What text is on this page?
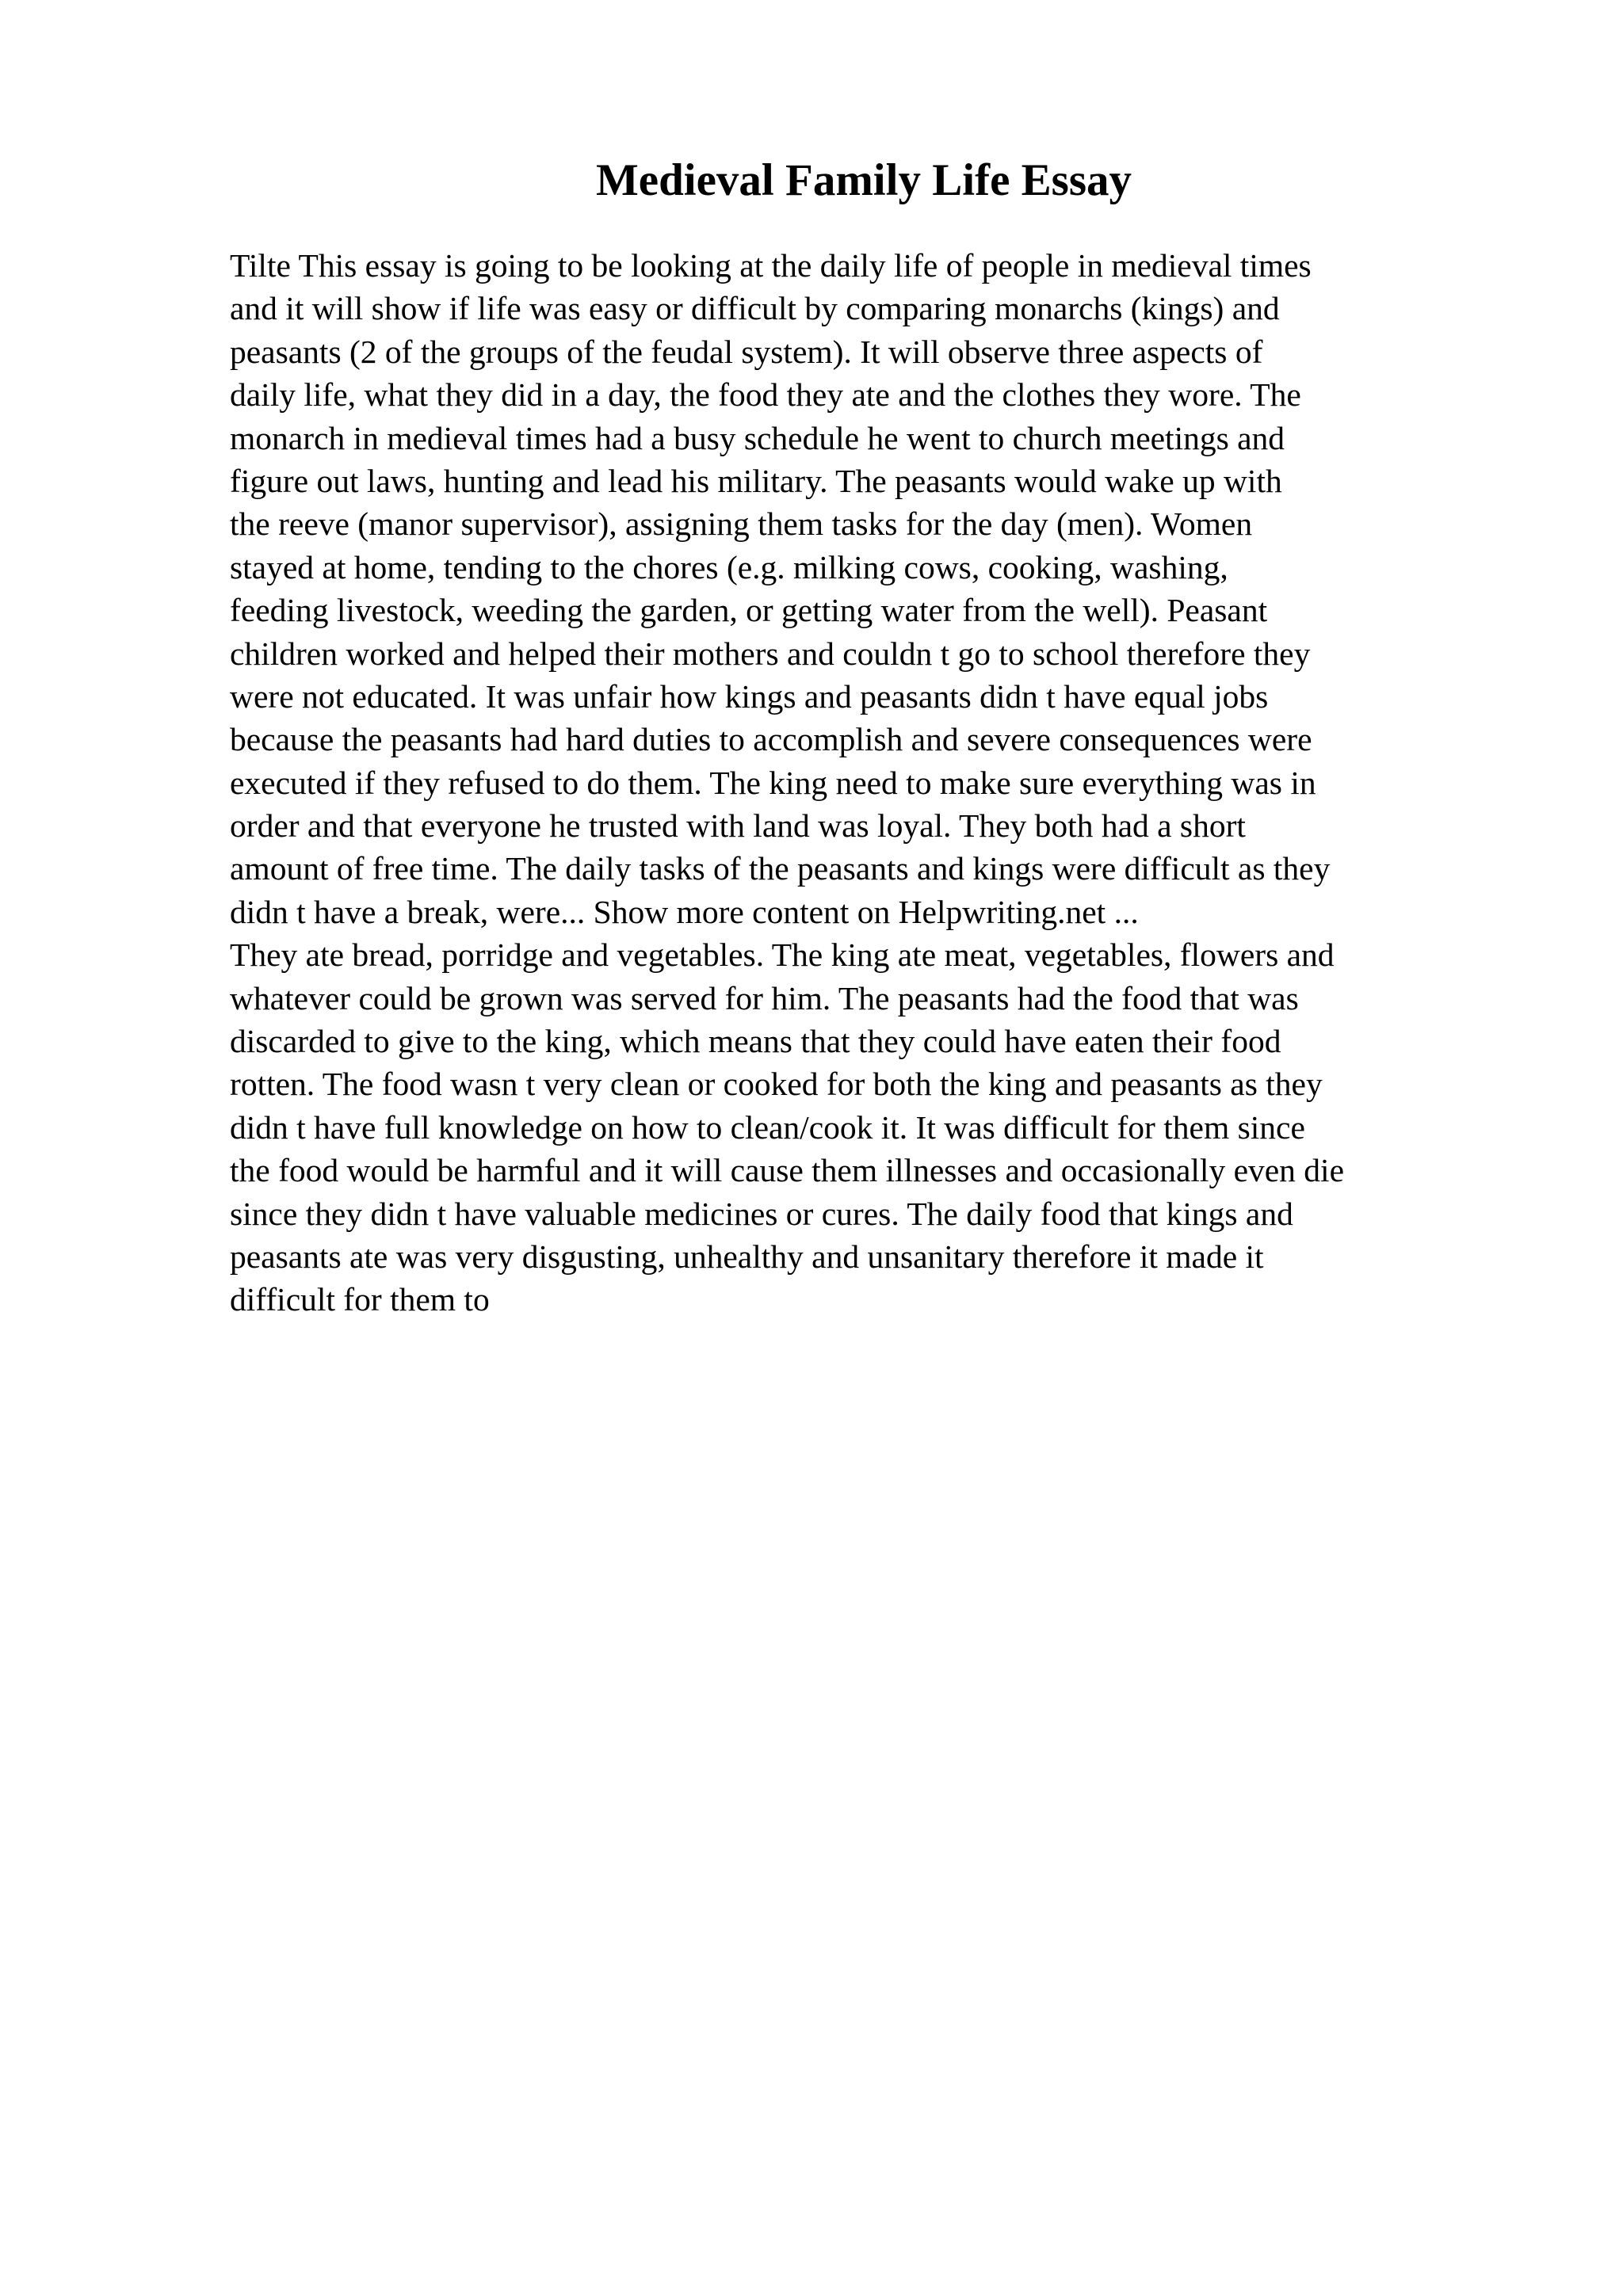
Medieval Family Life Essay
Tilte This essay is going to be looking at the daily life of people in medieval times
and it will show if life was easy or difficult by comparing monarchs (kings) and
peasants (2 of the groups of the feudal system). It will observe three aspects of
daily life, what they did in a day, the food they ate and the clothes they wore. The
monarch in medieval times had a busy schedule he went to church meetings and
figure out laws, hunting and lead his military. The peasants would wake up with
the reeve (manor supervisor), assigning them tasks for the day (men). Women
stayed at home, tending to the chores (e.g. milking cows, cooking, washing,
feeding livestock, weeding the garden, or getting water from the well). Peasant
children worked and helped their mothers and couldn t go to school therefore they
were not educated. It was unfair how kings and peasants didn t have equal jobs
because the peasants had hard duties to accomplish and severe consequences were
executed if they refused to do them. The king need to make sure everything was in
order and that everyone he trusted with land was loyal. They both had a short
amount of free time. The daily tasks of the peasants and kings were difficult as they
didn t have a break, were... Show more content on Helpwriting.net ...
They ate bread, porridge and vegetables. The king ate meat, vegetables, flowers and
whatever could be grown was served for him. The peasants had the food that was
discarded to give to the king, which means that they could have eaten their food
rotten. The food wasn t very clean or cooked for both the king and peasants as they
didn t have full knowledge on how to clean/cook it. It was difficult for them since
the food would be harmful and it will cause them illnesses and occasionally even die
since they didn t have valuable medicines or cures. The daily food that kings and
peasants ate was very disgusting, unhealthy and unsanitary therefore it made it
difficult for them to
